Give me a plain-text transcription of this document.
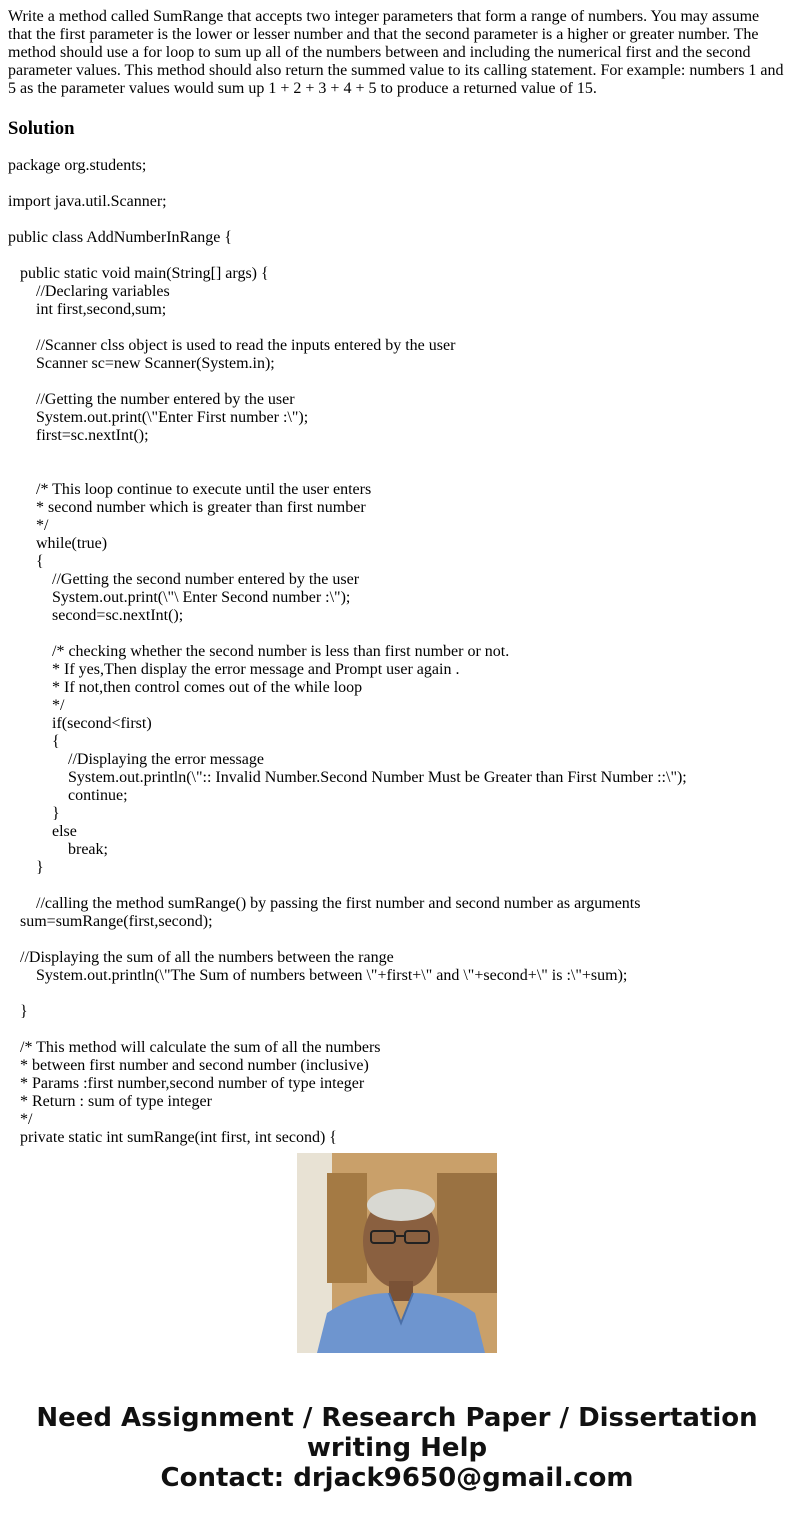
Write a method called SumRange that accepts two integer parameters that form a range of numbers. You may assume that the first parameter is the lower or lesser number and that the second parameter is a higher or greater number. The method should use a for loop to sum up all of the numbers between and including the numerical first and the second parameter values. This method should also return the summed value to its calling statement. For example: numbers 1 and 5 as the parameter values would sum up 1 + 2 + 3 + 4 + 5 to produce a returned value of 15.

Solution
package org.students;
import java.util.Scanner;
public class AddNumberInRange {
public static void main(String[] args) {
//Declaring variables
int first,second,sum;
//Scanner clss object is used to read the inputs entered by the user
Scanner sc=new Scanner(System.in);
//Getting the number entered by the user
System.out.print(\"Enter First number :\");
first=sc.nextInt();
/* This loop continue to execute until the user enters
* second number which is greater than first number
*/
while(true)
{
//Getting the second number entered by the user
System.out.print(\"\ Enter Second number :\");
second=sc.nextInt();
/* checking whether the second number is less than first number or not.
* If yes,Then display the error message and Prompt user again .
* If not,then control comes out of the while loop
*/
if(second<first)
{
//Displaying the error message
System.out.println(\":: Invalid Number.Second Number Must be Greater than First Number ::\");
continue;
}
else
break;
}
//calling the method sumRange() by passing the first number and second number as arguments
sum=sumRange(first,second);
//Displaying the sum of all the numbers between the range
System.out.println(\"The Sum of numbers between \"+first+\" and \"+second+\" is :\"+sum);
}
/* This method will calculate the sum of all the numbers
* between first number and second number (inclusive)
* Params :first number,second number of type integer
* Return : sum of type integer
*/
private static int sumRange(int first, int second) {
Need Assignment / Research Paper / Dissertation
writing Help
Contact: drjack9650@gmail.com
